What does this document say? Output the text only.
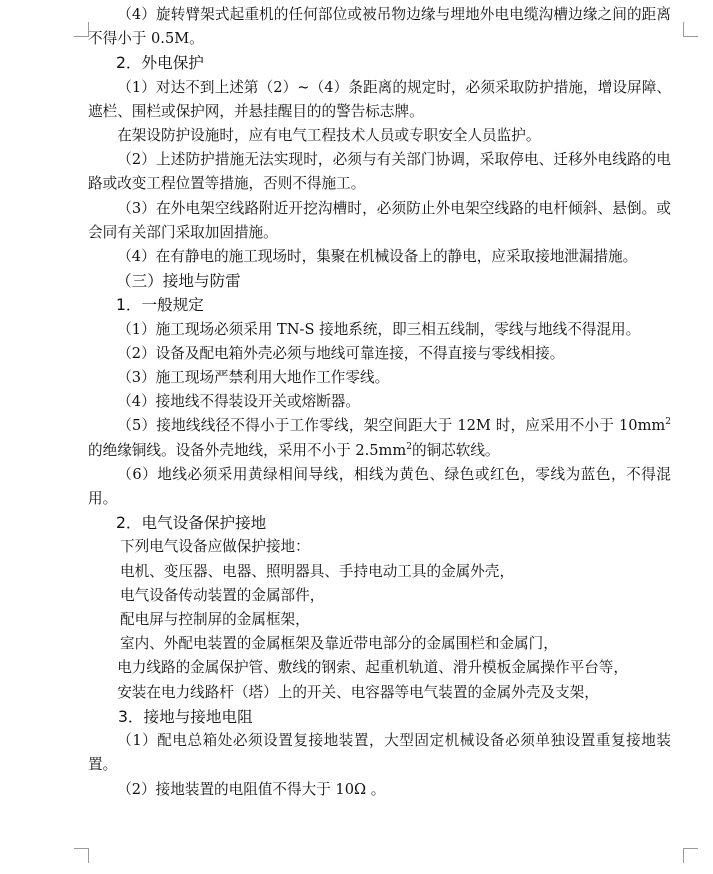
（4）旋转臂架式起重机的任何部位或被吊物边缘与埋地外电电缆沟槽边缘之间的距离不得小于 0.5M。

2．外电保护

（1）对达不到上述第（2）~（4）条距离的规定时，必须采取防护措施，增设屏障、遮栏、围栏或保护网，并悬挂醒目的的警告标志牌。

在架设防护设施时，应有电气工程技术人员或专职安全人员监护。

（2）上述防护措施无法实现时，必须与有关部门协调，采取停电、迁移外电线路的电路或改变工程位置等措施，否则不得施工。

（3）在外电架空线路附近开挖沟槽时，必须防止外电架空线路的电杆倾斜、悬倒。或会同有关部门采取加固措施。

（4）在有静电的施工现场时，集聚在机械设备上的静电，应采取接地泄漏措施。

（三）接地与防雷

1．一般规定

（1）施工现场必须采用 TN-S 接地系统，即三相五线制，零线与地线不得混用。

（2）设备及配电箱外壳必须与地线可靠连接，不得直接与零线相接。

（3）施工现场严禁利用大地作工作零线。

（4）接地线不得装设开关或熔断器。

（5）接地线线径不得小于工作零线，架空间距大于 12M 时，应采用不小于 $10mm^2$的绝缘铜线。设备外壳地线，采用不小于 $2.5mm^2$的铜芯软线。

（6）地线必须采用黄绿相间导线，相线为黄色、绿色或红色，零线为蓝色，不得混用。

2．电气设备保护接地

下列电气设备应做保护接地：

电机、变压器、电器、照明器具、手持电动工具的金属外壳，

电气设备传动装置的金属部件，

配电屏与控制屏的金属框架，

室内、外配电装置的金属框架及靠近带电部分的金属围栏和金属门，

电力线路的金属保护管、敷线的钢索、起重机轨道、滑升模板金属操作平台等，

安装在电力线路杆（塔）上的开关、电容器等电气装置的金属外壳及支架，

3．接地与接地电阻

（1）配电总箱处必须设置复接地装置，大型固定机械设备必须单独设置重复接地装置。

（2）接地装置的电阻值不得大于 10Ω 。
